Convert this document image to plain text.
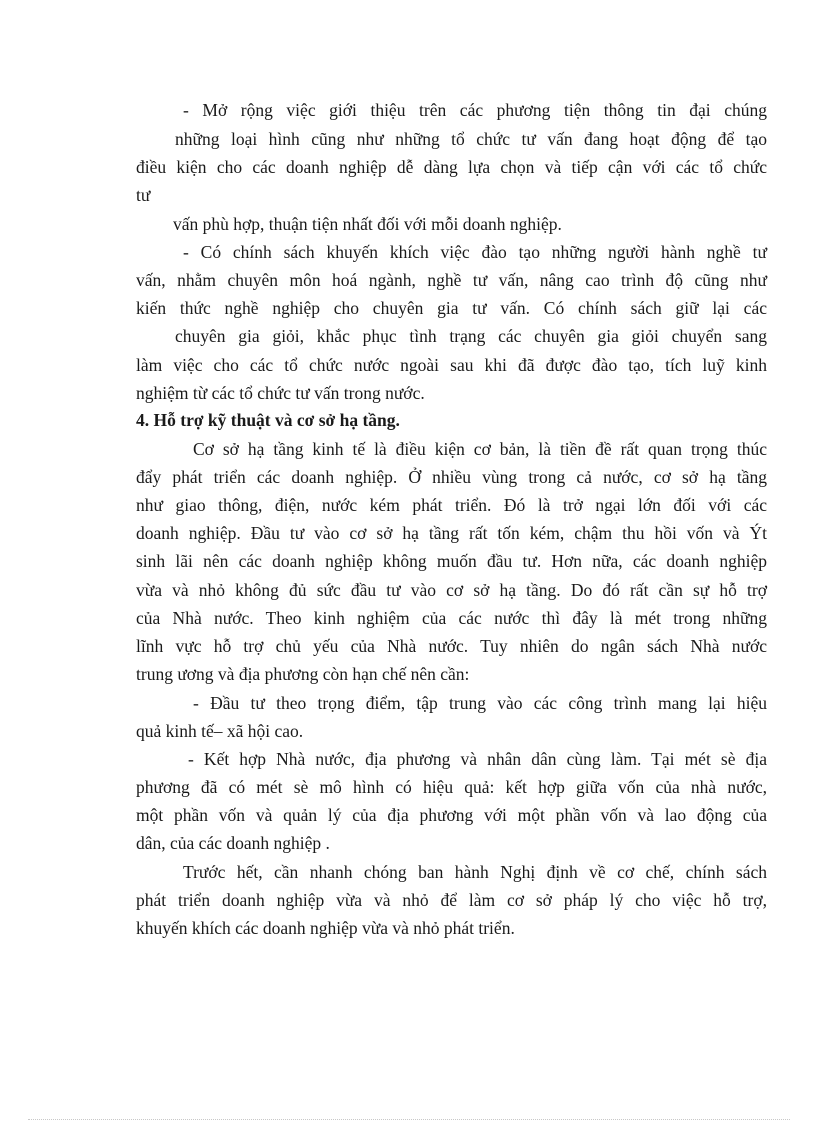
- Mở rộng việc giới thiệu trên các phương tiện thông tin đại chúng
những loại hình cũng như những tổ chức tư vấn đang hoạt động để tạo
điều kiện cho các doanh nghiệp dễ dàng lựa chọn và tiếp cận với các tổ chức
tư
vấn phù hợp, thuận tiện nhất đối với mỗi doanh nghiệp.
- Có chính sách khuyến khích việc đào tạo những người hành nghề tư
vấn, nhằm chuyên môn hoá ngành, nghề tư vấn, nâng cao trình độ cũng như
kiến thức nghề nghiệp cho chuyên gia tư vấn. Có chính sách giữ lại các
chuyên gia giỏi, khắc phục tình trạng các chuyên gia giỏi chuyển sang
làm việc cho các tổ chức nước ngoài sau khi đã được đào tạo, tích luỹ kinh
nghiệm từ các tổ chức tư vấn trong nước.
4. Hỗ trợ kỹ thuật và cơ sở hạ tầng.
Cơ sở hạ tầng kinh tế là điều kiện cơ bản, là tiền đề rất quan trọng thúc
đẩy phát triển các doanh nghiệp. Ở nhiều vùng trong cả nước, cơ sở hạ tầng
như giao thông, điện, nước kém phát triển. Đó là trở ngại lớn đối với các
doanh nghiệp. Đầu tư vào cơ sở hạ tầng rất tốn kém, chậm thu hồi vốn và Ýt
sinh lãi nên các doanh nghiệp không muốn đầu tư. Hơn nữa, các doanh nghiệp
vừa và nhỏ không đủ sức đầu tư vào cơ sở hạ tầng. Do đó rất cần sự hỗ trợ
của Nhà nước. Theo kinh nghiệm của các nước thì đây là mét trong những
lĩnh vực hỗ trợ chủ yếu của Nhà nước. Tuy nhiên do ngân sách Nhà nước
trung ương và địa phương còn hạn chế nên cần:
- Đầu tư theo trọng điểm, tập trung vào các công trình mang lại hiệu
quả kinh tế– xã hội cao.
- Kết hợp Nhà nước, địa phương và nhân dân cùng làm. Tại mét sè địa
phương đã có mét sè mô hình có hiệu quả: kết hợp giữa vốn của nhà nước,
một phần vốn và quản lý của địa phương với một phần vốn và lao động của
dân, của các doanh nghiệp .
Trước hết, cần nhanh chóng ban hành Nghị định về cơ chế, chính sách
phát triển doanh nghiệp vừa và nhỏ để làm cơ sở pháp lý cho việc hỗ trợ,
khuyến khích các doanh nghiệp vừa và nhỏ phát triển.
